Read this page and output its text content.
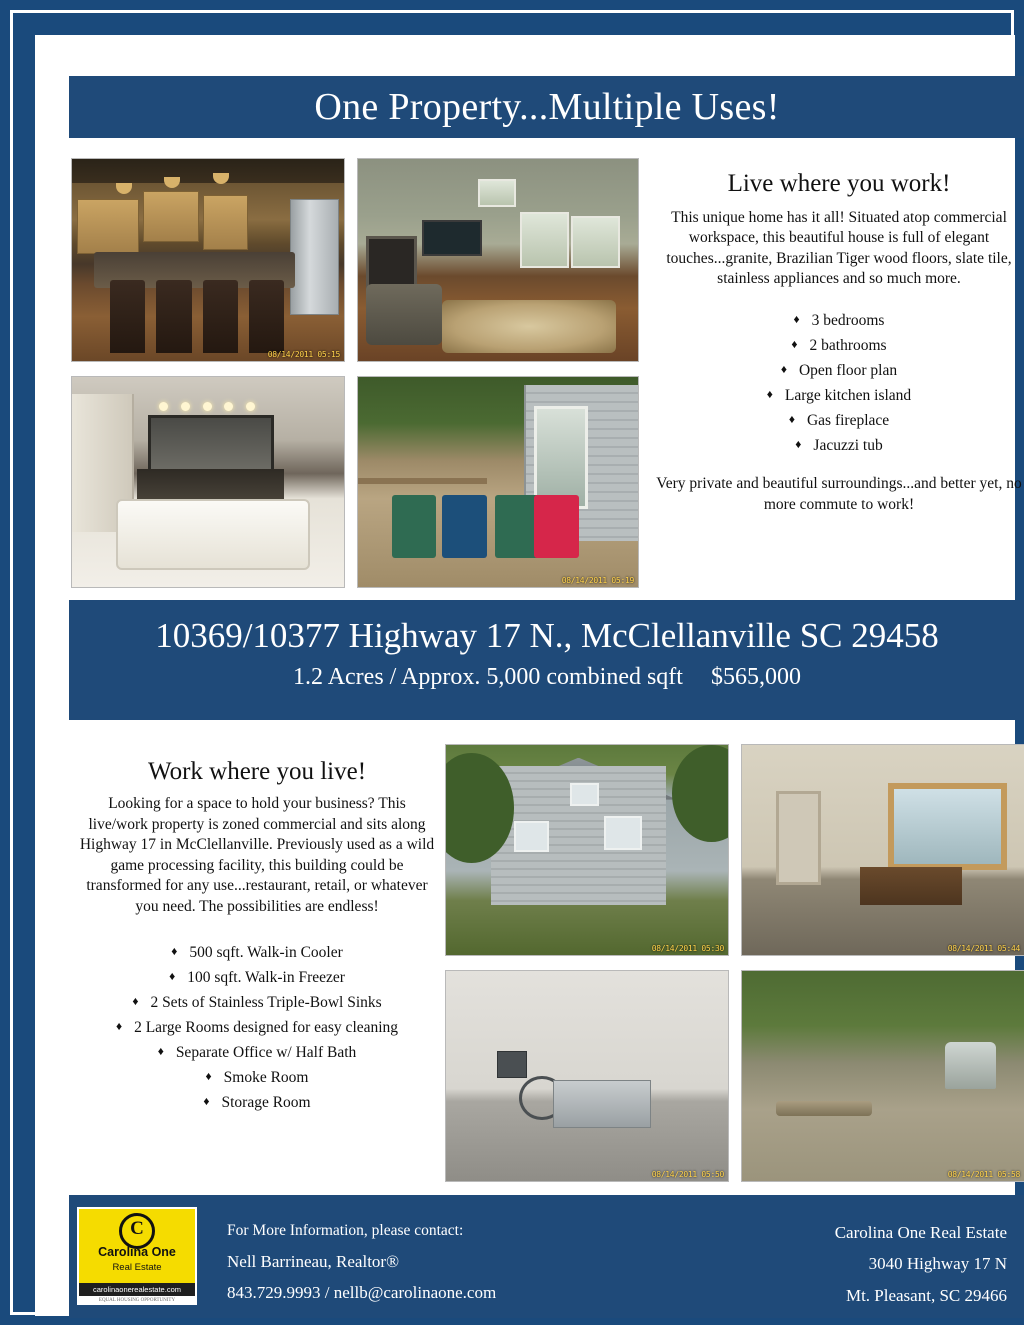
One Property...Multiple Uses!
08/14/2011 05:15
08/14/2011 05:19
Live where you work!

This unique home has it all! Situated atop commercial workspace, this beautiful house is full of elegant touches...granite, Brazilian Tiger wood floors, slate tile, stainless appliances and so much more.

♦ 3 bedrooms
♦ 2 bathrooms
♦ Open floor plan
♦ Large kitchen island
♦ Gas fireplace
♦ Jacuzzi tub

Very private and beautiful surroundings...and better yet, no more commute to work!

10369/10377 Highway 17 N., McClellanville SC 29458
1.2 Acres / Approx. 5,000 combined sqft $565,000
Work where you live!

Looking for a space to hold your business? This live/work property is zoned commercial and sits along Highway 17 in McClellanville. Previously used as a wild game processing facility, this building could be transformed for any use...restaurant, retail, or whatever you need. The possibilities are endless!

♦ 500 sqft. Walk-in Cooler
♦ 100 sqft. Walk-in Freezer
♦ 2 Sets of Stainless Triple-Bowl Sinks
♦ 2 Large Rooms designed for easy cleaning
♦ Separate Office w/ Half Bath
♦ Smoke Room
♦ Storage Room
08/14/2011 05:30	08/14/2011 05:44
08/14/2011 05:50	08/14/2011 05:58
C
Carolina One
Real Estate
carolinaonerealestate.com
EQUAL HOUSING OPPORTUNITY
For More Information, please contact:
Nell Barrineau, Realtor®
843.729.9993 / nellb@carolinaone.com
Carolina One Real Estate
3040 Highway 17 N
Mt. Pleasant, SC 29466
